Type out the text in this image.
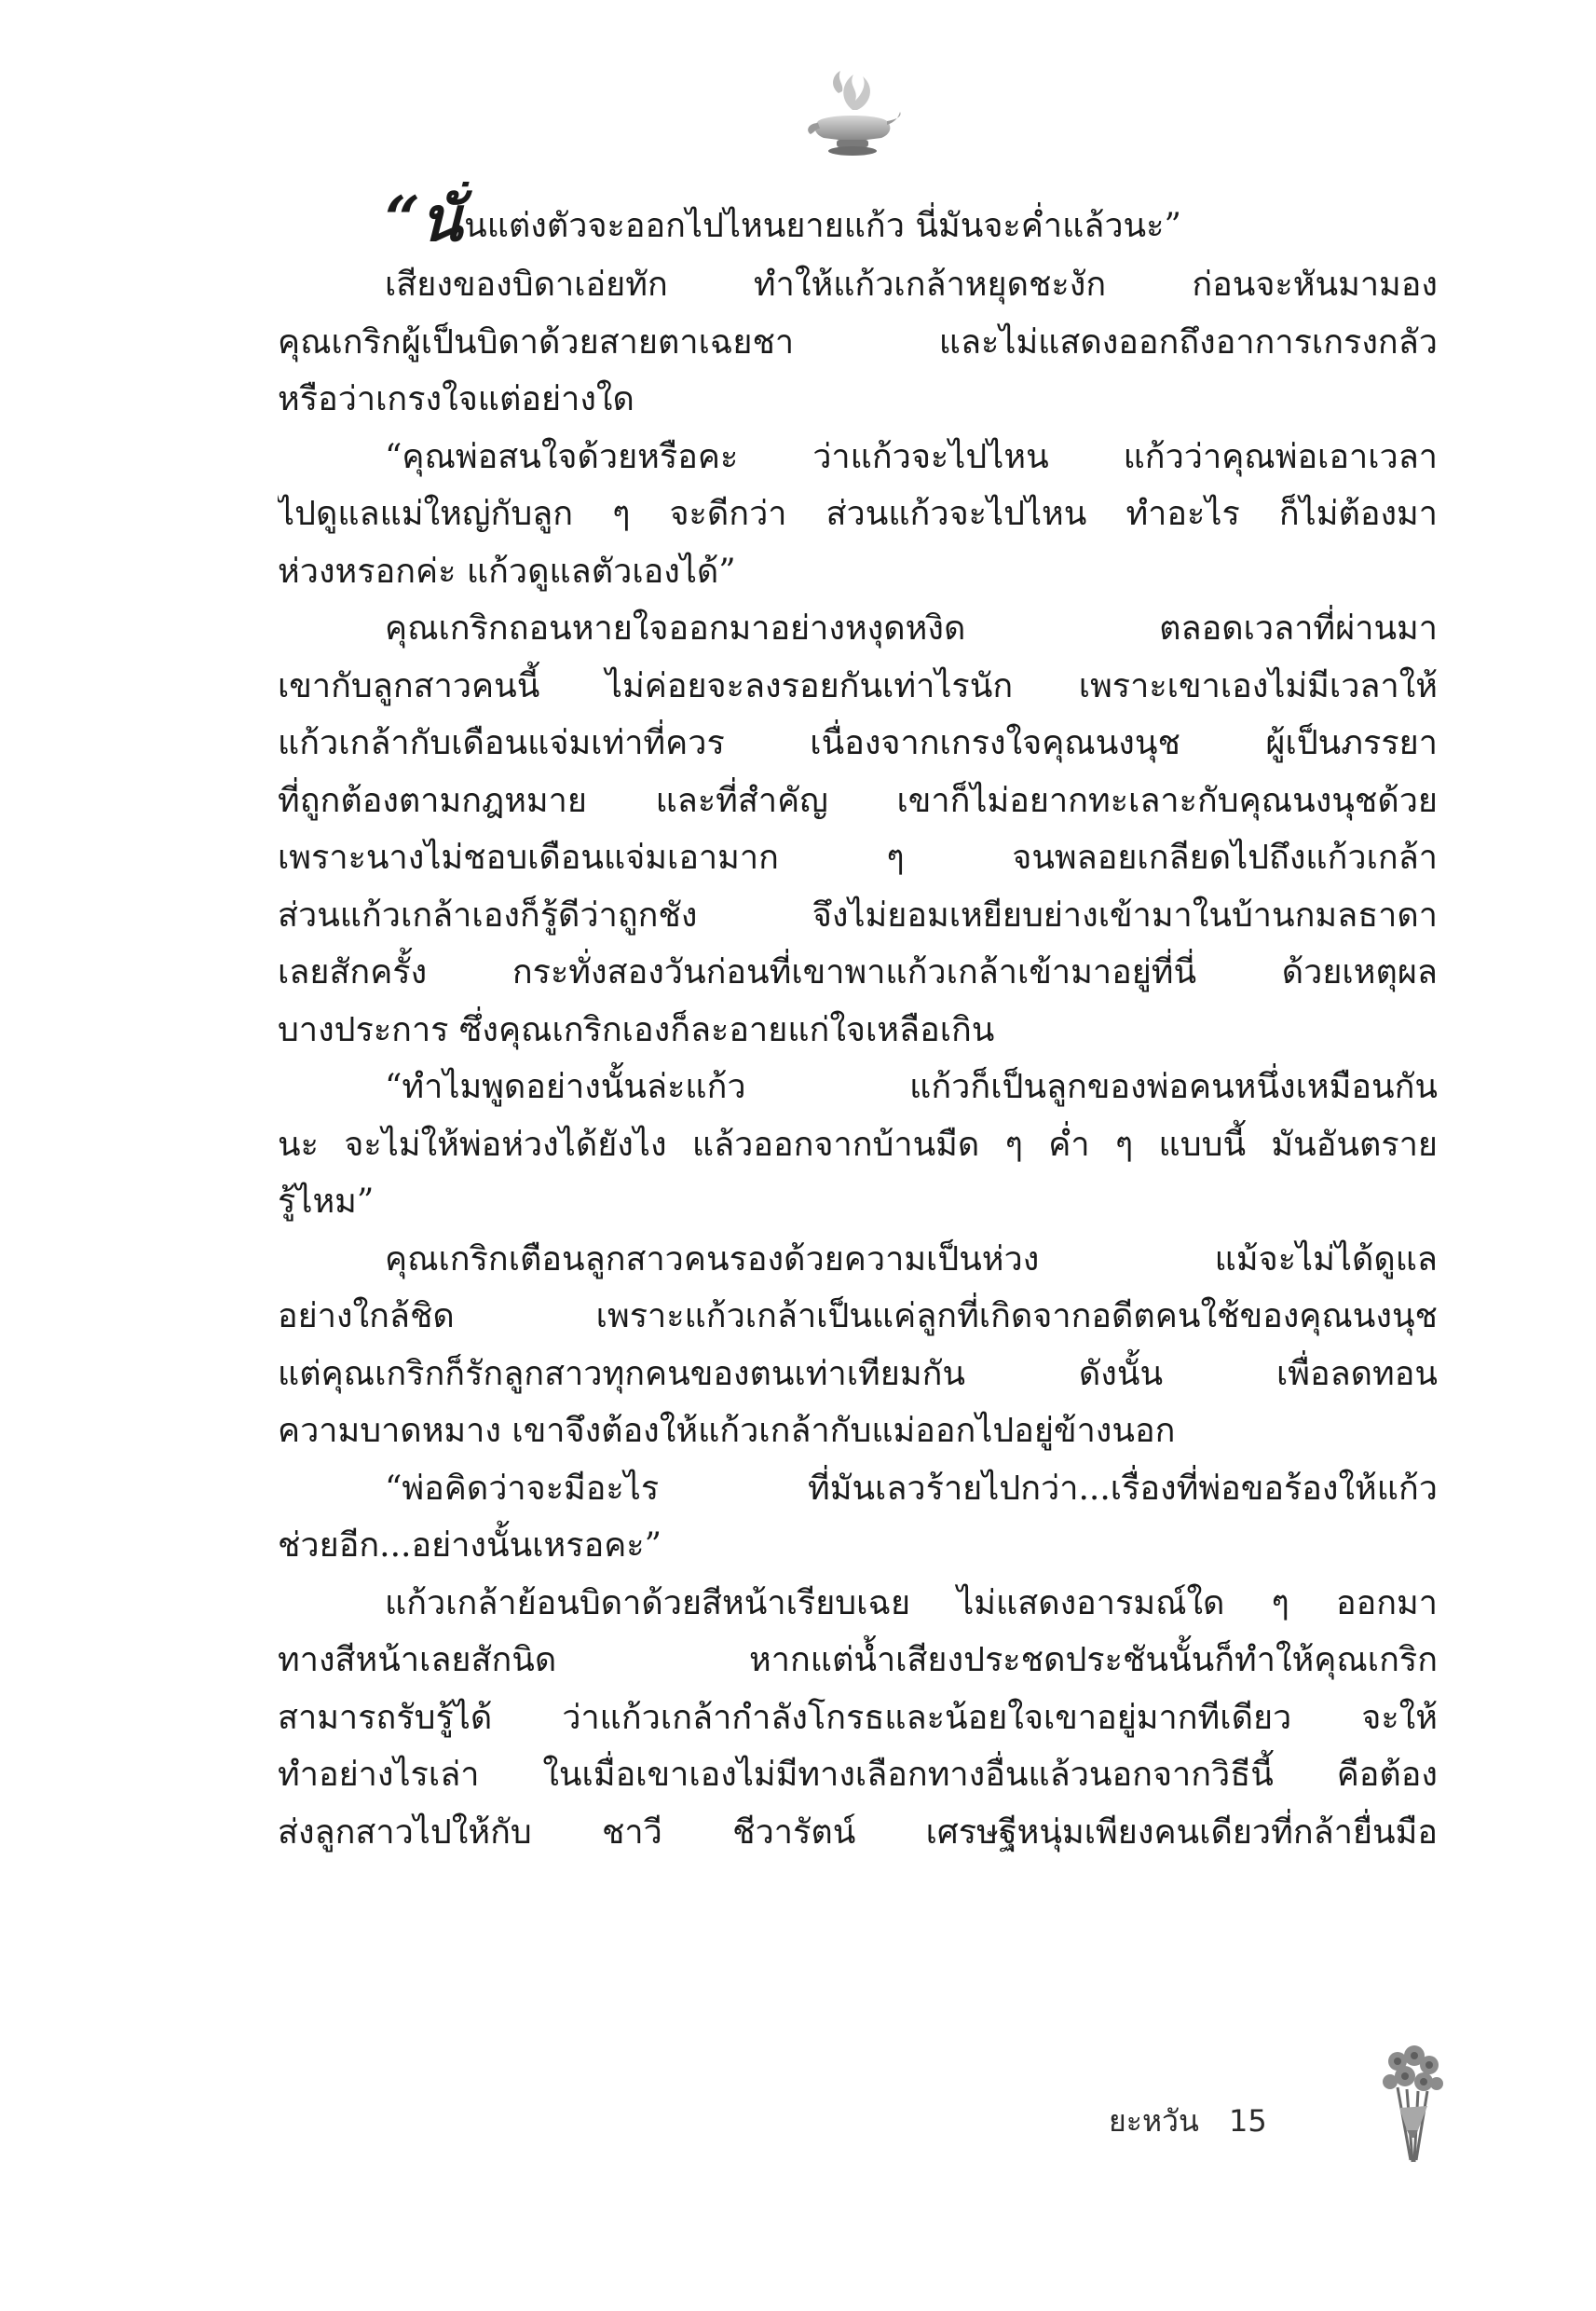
“นั่นแต่งตัวจะออกไปไหนยายแก้ว นี่มันจะค่ำแล้วนะ”
เสียงของบิดาเอ่ยทัก ทำให้แก้วเกล้าหยุดชะงัก ก่อนจะหันมามอง
คุณเกริกผู้เป็นบิดาด้วยสายตาเฉยชา และไม่แสดงออกถึงอาการเกรงกลัว
หรือว่าเกรงใจแต่อย่างใด
“คุณพ่อสนใจด้วยหรือคะ ว่าแก้วจะไปไหน แก้วว่าคุณพ่อเอาเวลา
ไปดูแลแม่ใหญ่กับลูก ๆ จะดีกว่า ส่วนแก้วจะไปไหน ทำอะไร ก็ไม่ต้องมา
ห่วงหรอกค่ะ แก้วดูแลตัวเองได้”
คุณเกริกถอนหายใจออกมาอย่างหงุดหงิด ตลอดเวลาที่ผ่านมา
เขากับลูกสาวคนนี้ ไม่ค่อยจะลงรอยกันเท่าไรนัก เพราะเขาเองไม่มีเวลาให้
แก้วเกล้ากับเดือนแจ่มเท่าที่ควร เนื่องจากเกรงใจคุณนงนุช ผู้เป็นภรรยา
ที่ถูกต้องตามกฎหมาย และที่สำคัญ เขาก็ไม่อยากทะเลาะกับคุณนงนุชด้วย
เพราะนางไม่ชอบเดือนแจ่มเอามาก ๆ จนพลอยเกลียดไปถึงแก้วเกล้า
ส่วนแก้วเกล้าเองก็รู้ดีว่าถูกชัง จึงไม่ยอมเหยียบย่างเข้ามาในบ้านกมลธาดา
เลยสักครั้ง กระทั่งสองวันก่อนที่เขาพาแก้วเกล้าเข้ามาอยู่ที่นี่ ด้วยเหตุผล
บางประการ ซึ่งคุณเกริกเองก็ละอายแก่ใจเหลือเกิน
“ทำไมพูดอย่างนั้นล่ะแก้ว แก้วก็เป็นลูกของพ่อคนหนึ่งเหมือนกัน
นะ จะไม่ให้พ่อห่วงได้ยังไง แล้วออกจากบ้านมืด ๆ ค่ำ ๆ แบบนี้ มันอันตราย
รู้ไหม”
คุณเกริกเตือนลูกสาวคนรองด้วยความเป็นห่วง แม้จะไม่ได้ดูแล
อย่างใกล้ชิด เพราะแก้วเกล้าเป็นแค่ลูกที่เกิดจากอดีตคนใช้ของคุณนงนุช
แต่คุณเกริกก็รักลูกสาวทุกคนของตนเท่าเทียมกัน ดังนั้น เพื่อลดทอน
ความบาดหมาง เขาจึงต้องให้แก้วเกล้ากับแม่ออกไปอยู่ข้างนอก
“พ่อคิดว่าจะมีอะไร ที่มันเลวร้ายไปกว่า...เรื่องที่พ่อขอร้องให้แก้ว
ช่วยอีก...อย่างนั้นเหรอคะ”
แก้วเกล้าย้อนบิดาด้วยสีหน้าเรียบเฉย ไม่แสดงอารมณ์ใด ๆ ออกมา
ทางสีหน้าเลยสักนิด หากแต่น้ำเสียงประชดประชันนั้นก็ทำให้คุณเกริก
สามารถรับรู้ได้ ว่าแก้วเกล้ากำลังโกรธและน้อยใจเขาอยู่มากทีเดียว จะให้
ทำอย่างไรเล่า ในเมื่อเขาเองไม่มีทางเลือกทางอื่นแล้วนอกจากวิธีนี้ คือต้อง
ส่งลูกสาวไปให้กับ ชาวี ชีวารัตน์ เศรษฐีหนุ่มเพียงคนเดียวที่กล้ายื่นมือ
ยะหวัน 15
